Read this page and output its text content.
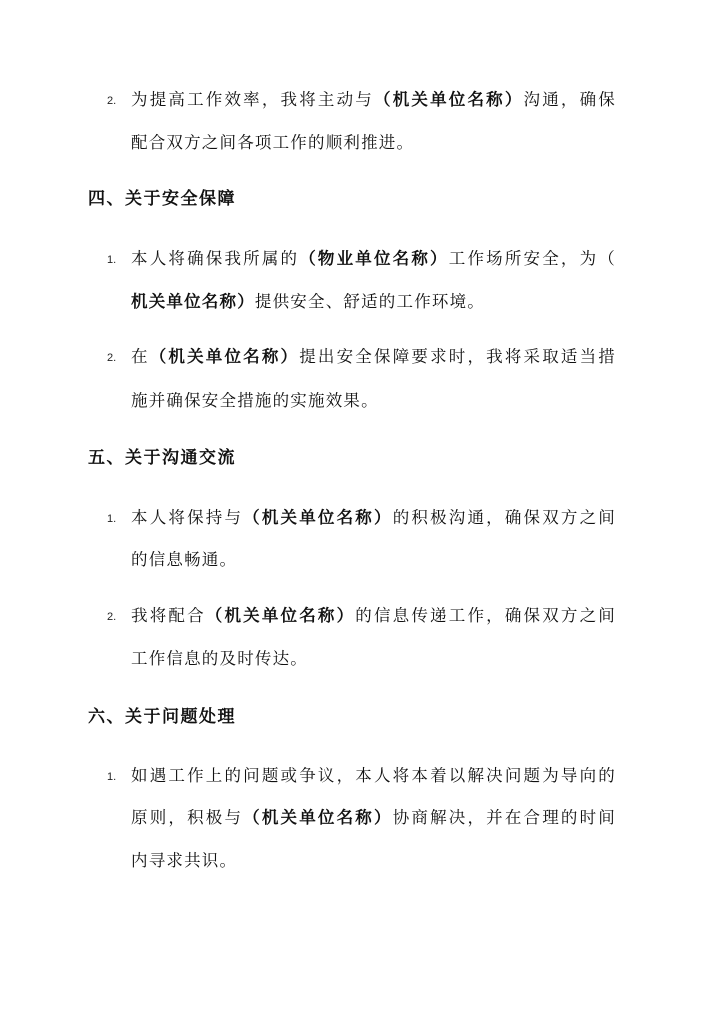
2. 为提高工作效率，我将主动与（机关单位名称）沟通，确保
配合双方之间各项工作的顺利推进。
四、关于安全保障
1. 本人将确保我所属的（物业单位名称）工作场所安全，为（
机关单位名称）提供安全、舒适的工作环境。
2. 在（机关单位名称）提出安全保障要求时，我将采取适当措
施并确保安全措施的实施效果。
五、关于沟通交流
1. 本人将保持与（机关单位名称）的积极沟通，确保双方之间
的信息畅通。
2. 我将配合（机关单位名称）的信息传递工作，确保双方之间
工作信息的及时传达。
六、关于问题处理
1. 如遇工作上的问题或争议，本人将本着以解决问题为导向的
原则，积极与（机关单位名称）协商解决，并在合理的时间
内寻求共识。
